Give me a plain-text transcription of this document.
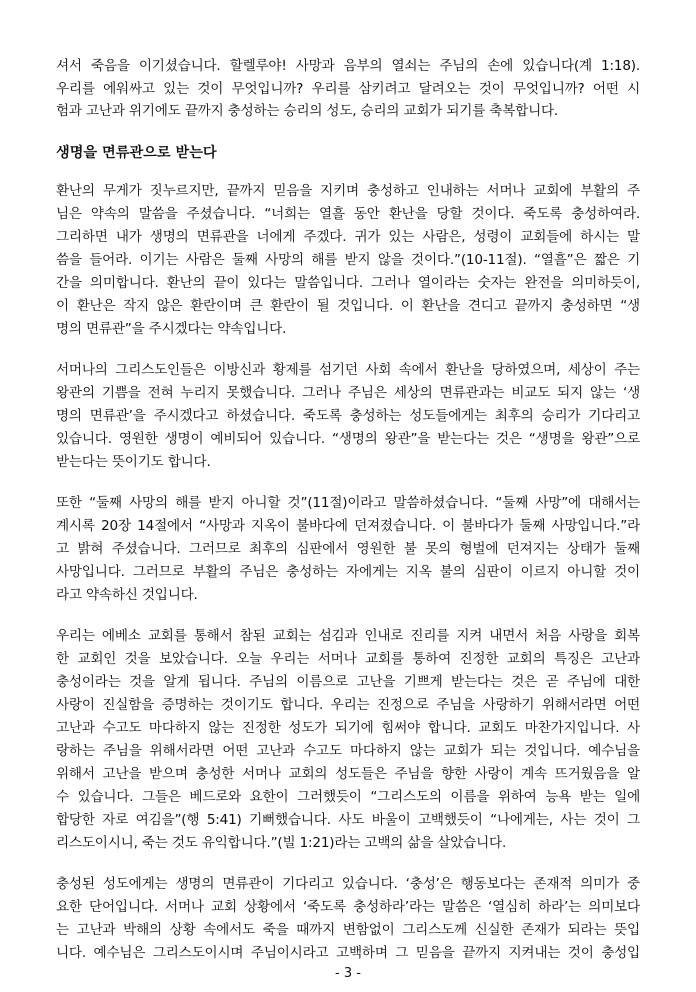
셔서 죽음을 이기셨습니다. 할렐루야! 사망과 음부의 열쇠는 주님의 손에 있습니다(계 1:18).
우리를 에워싸고 있는 것이 무엇입니까? 우리를 삼키려고 달려오는 것이 무엇입니까? 어떤 시
험과 고난과 위기에도 끝까지 충성하는 승리의 성도, 승리의 교회가 되기를 축복합니다.
생명을 면류관으로 받는다
환난의 무게가 짓누르지만, 끝까지 믿음을 지키며 충성하고 인내하는 서머나 교회에 부활의 주
님은 약속의 말씀을 주셨습니다. “너희는 열흘 동안 환난을 당할 것이다. 죽도록 충성하여라.
그리하면 내가 생명의 면류관을 너에게 주겠다. 귀가 있는 사람은, 성령이 교회들에 하시는 말
씀을 들어라. 이기는 사람은 둘째 사망의 해를 받지 않을 것이다.”(10-11절). “열흘”은 짧은 기
간을 의미합니다. 환난의 끝이 있다는 말씀입니다. 그러나 열이라는 숫자는 완전을 의미하듯이,
이 환난은 작지 않은 환란이며 큰 환란이 될 것입니다. 이 환난을 견디고 끝까지 충성하면 “생
명의 면류관”을 주시겠다는 약속입니다.
서머나의 그리스도인들은 이방신과 황제를 섬기던 사회 속에서 환난을 당하였으며, 세상이 주는
왕관의 기쁨을 전혀 누리지 못했습니다. 그러나 주님은 세상의 면류관과는 비교도 되지 않는 ‘생
명의 면류관’을 주시겠다고 하셨습니다. 죽도록 충성하는 성도들에게는 최후의 승리가 기다리고
있습니다. 영원한 생명이 예비되어 있습니다. “생명의 왕관”을 받는다는 것은 “생명을 왕관”으로
받는다는 뜻이기도 합니다.
또한 “둘째 사망의 해를 받지 아니할 것”(11절)이라고 말씀하셨습니다. “둘째 사망”에 대해서는
계시록 20장 14절에서 “사망과 지옥이 불바다에 던져졌습니다. 이 불바다가 둘째 사망입니다.”라
고 밝혀 주셨습니다. 그러므로 최후의 심판에서 영원한 불 못의 형벌에 던져지는 상태가 둘째
사망입니다. 그러므로 부활의 주님은 충성하는 자에게는 지옥 불의 심판이 이르지 아니할 것이
라고 약속하신 것입니다.
우리는 에베소 교회를 통해서 참된 교회는 섬김과 인내로 진리를 지켜 내면서 처음 사랑을 회복
한 교회인 것을 보았습니다. 오늘 우리는 서머나 교회를 통하여 진정한 교회의 특징은 고난과
충성이라는 것을 알게 됩니다. 주님의 이름으로 고난을 기쁘게 받는다는 것은 곧 주님에 대한
사랑이 진실함을 증명하는 것이기도 합니다. 우리는 진정으로 주님을 사랑하기 위해서라면 어떤
고난과 수고도 마다하지 않는 진정한 성도가 되기에 힘써야 합니다. 교회도 마찬가지입니다. 사
랑하는 주님을 위해서라면 어떤 고난과 수고도 마다하지 않는 교회가 되는 것입니다. 예수님을
위해서 고난을 받으며 충성한 서머나 교회의 성도들은 주님을 향한 사랑이 계속 뜨거웠음을 알
수 있습니다. 그들은 베드로와 요한이 그러했듯이 “그리스도의 이름을 위하여 능욕 받는 일에
합당한 자로 여김을”(행 5:41) 기뻐했습니다. 사도 바울이 고백했듯이 “나에게는, 사는 것이 그
리스도이시니, 죽는 것도 유익합니다.”(빌 1:21)라는 고백의 삶을 살았습니다.
충성된 성도에게는 생명의 면류관이 기다리고 있습니다. ‘충성’은 행동보다는 존재적 의미가 중
요한 단어입니다. 서머나 교회 상황에서 ‘죽도록 충성하라’라는 말씀은 ‘열심히 하라’는 의미보다
는 고난과 박해의 상황 속에서도 죽을 때까지 변함없이 그리스도께 신실한 존재가 되라는 뜻입
니다. 예수님은 그리스도이시며 주님이시라고 고백하며 그 믿음을 끝까지 지켜내는 것이 충성입
- 3 -
